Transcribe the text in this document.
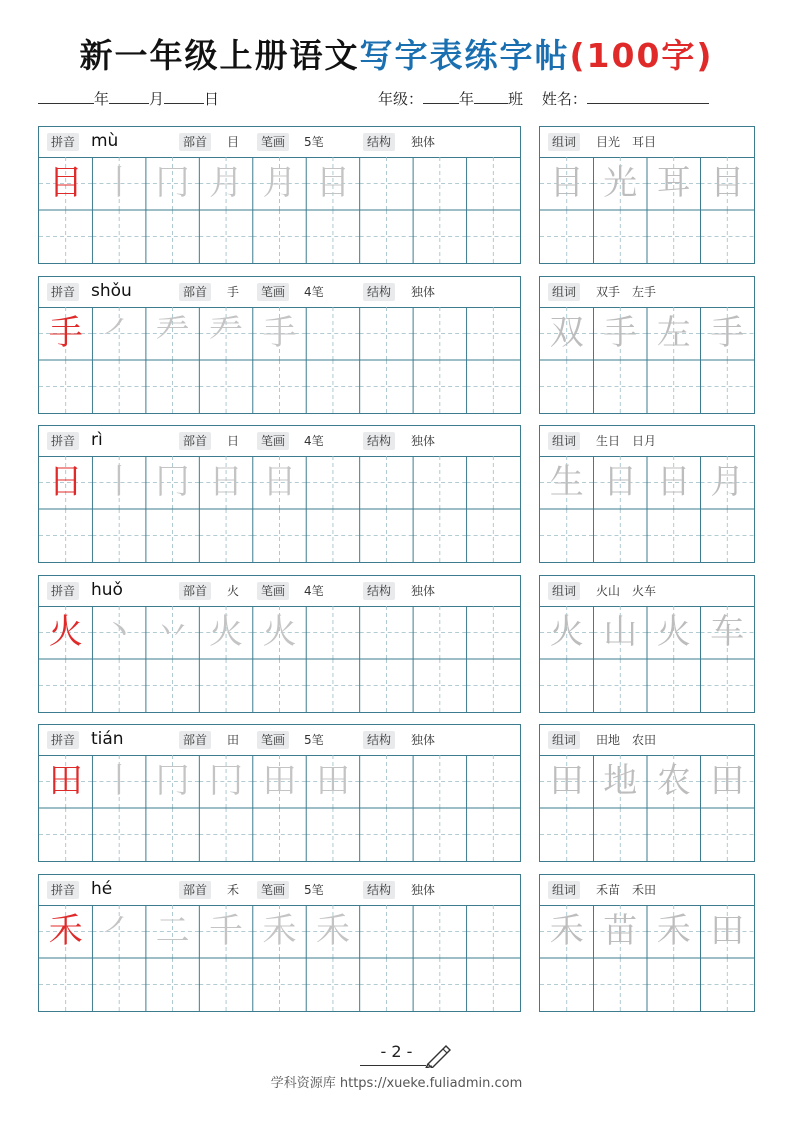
新一年级上册语文写字表练字帖(100字)
年	月	日	年级： 年 班 姓名：
拼音 mù	部首	目	笔画	5笔	结构	独体
目 丨 冂 月 月 目
组词	目光　耳目
目 光 耳 目
拼音 shǒu	部首	手	笔画	4笔	结构	独体
手 ㇒ 龵 龵 手
组词	双手　左手
双 手 左 手
拼音 rì	部首	日	笔画	4笔	结构	独体
日 丨 冂 日 日
组词	生日　日月
生 日 日 月
拼音 huǒ	部首	火	笔画	4笔	结构	独体
火 丶 丷 火 火
组词	火山　火车
火 山 火 车
拼音 tián	部首	田	笔画	5笔	结构	独体
田 丨 冂 冂 田 田
组词	田地　农田
田 地 农 田
拼音 hé	部首	禾	笔画	5笔	结构	独体
禾 ㇒ 二 千 禾 禾
组词	禾苗　禾田
禾 苗 禾 田
- 2 -
学科资源库 https://xueke.fuliadmin.com
